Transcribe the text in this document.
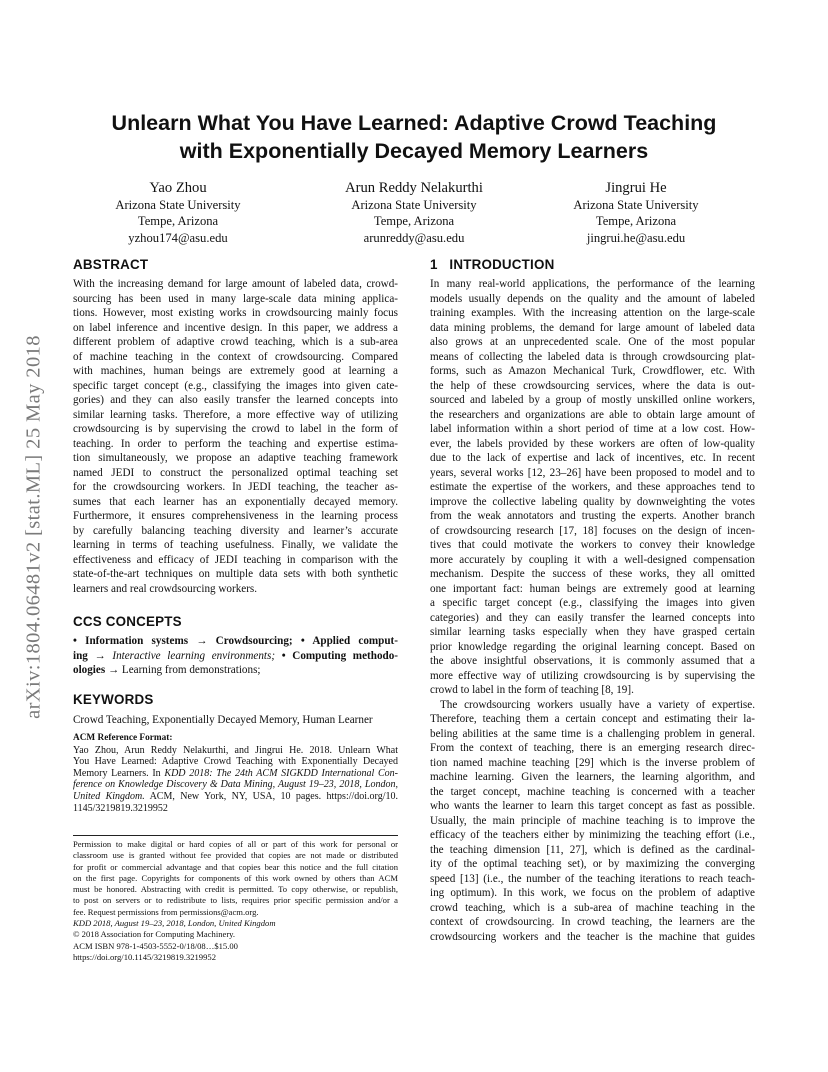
arXiv:1804.06481v2 [stat.ML] 25 May 2018
Unlearn What You Have Learned: Adaptive Crowd Teaching
with Exponentially Decayed Memory Learners
Yao Zhou
Arizona State University
Tempe, Arizona
yzhou174@asu.edu
Arun Reddy Nelakurthi
Arizona State University
Tempe, Arizona
arunreddy@asu.edu
Jingrui He
Arizona State University
Tempe, Arizona
jingrui.he@asu.edu
ABSTRACT
With the increasing demand for large amount of labeled data, crowd-
sourcing has been used in many large-scale data mining applica-
tions. However, most existing works in crowdsourcing mainly focus
on label inference and incentive design. In this paper, we address a
different problem of adaptive crowd teaching, which is a sub-area
of machine teaching in the context of crowdsourcing. Compared
with machines, human beings are extremely good at learning a
specific target concept (e.g., classifying the images into given cate-
gories) and they can also easily transfer the learned concepts into
similar learning tasks. Therefore, a more effective way of utilizing
crowdsourcing is by supervising the crowd to label in the form of
teaching. In order to perform the teaching and expertise estima-
tion simultaneously, we propose an adaptive teaching framework
named JEDI to construct the personalized optimal teaching set
for the crowdsourcing workers. In JEDI teaching, the teacher as-
sumes that each learner has an exponentially decayed memory.
Furthermore, it ensures comprehensiveness in the learning process
by carefully balancing teaching diversity and learner’s accurate
learning in terms of teaching usefulness. Finally, we validate the
effectiveness and efficacy of JEDI teaching in comparison with the
state-of-the-art techniques on multiple data sets with both synthetic
learners and real crowdsourcing workers.
CCS CONCEPTS
• Information systems → Crowdsourcing; • Applied comput-
ing → Interactive learning environments; • Computing methodo-
ologies → Learning from demonstrations;
KEYWORDS
Crowd Teaching, Exponentially Decayed Memory, Human Learner
ACM Reference Format:
Yao Zhou, Arun Reddy Nelakurthi, and Jingrui He. 2018. Unlearn What
You Have Learned: Adaptive Crowd Teaching with Exponentially Decayed
Memory Learners. In KDD 2018: The 24th ACM SIGKDD International Con-
ference on Knowledge Discovery & Data Mining, August 19–23, 2018, London,
United Kingdom. ACM, New York, NY, USA, 10 pages. https://doi.org/10.
1145/3219819.3219952
Permission to make digital or hard copies of all or part of this work for personal or
classroom use is granted without fee provided that copies are not made or distributed
for profit or commercial advantage and that copies bear this notice and the full citation
on the first page. Copyrights for components of this work owned by others than ACM
must be honored. Abstracting with credit is permitted. To copy otherwise, or republish,
to post on servers or to redistribute to lists, requires prior specific permission and/or a
fee. Request permissions from permissions@acm.org.
KDD 2018, August 19–23, 2018, London, United Kingdom
© 2018 Association for Computing Machinery.
ACM ISBN 978-1-4503-5552-0/18/08…$15.00
https://doi.org/10.1145/3219819.3219952
1   INTRODUCTION
In many real-world applications, the performance of the learning
models usually depends on the quality and the amount of labeled
training examples. With the increasing attention on the large-scale
data mining problems, the demand for large amount of labeled data
also grows at an unprecedented scale. One of the most popular
means of collecting the labeled data is through crowdsourcing plat-
forms, such as Amazon Mechanical Turk, Crowdflower, etc. With
the help of these crowdsourcing services, where the data is out-
sourced and labeled by a group of mostly unskilled online workers,
the researchers and organizations are able to obtain large amount of
label information within a short period of time at a low cost. How-
ever, the labels provided by these workers are often of low-quality
due to the lack of expertise and lack of incentives, etc. In recent
years, several works [12, 23–26] have been proposed to model and to
estimate the expertise of the workers, and these approaches tend to
improve the collective labeling quality by downweighting the votes
from the weak annotators and trusting the experts. Another branch
of crowdsourcing research [17, 18] focuses on the design of incen-
tives that could motivate the workers to convey their knowledge
more accurately by coupling it with a well-designed compensation
mechanism. Despite the success of these works, they all omitted
one important fact: human beings are extremely good at learning
a specific target concept (e.g., classifying the images into given
categories) and they can easily transfer the learned concepts into
similar learning tasks especially when they have grasped certain
prior knowledge regarding the original learning concept. Based on
the above insightful observations, it is commonly assumed that a
more effective way of utilizing crowdsourcing is by supervising the
crowd to label in the form of teaching [8, 19].
The crowdsourcing workers usually have a variety of expertise.
Therefore, teaching them a certain concept and estimating their la-
beling abilities at the same time is a challenging problem in general.
From the context of teaching, there is an emerging research direc-
tion named machine teaching [29] which is the inverse problem of
machine learning. Given the learners, the learning algorithm, and
the target concept, machine teaching is concerned with a teacher
who wants the learner to learn this target concept as fast as possible.
Usually, the main principle of machine teaching is to improve the
efficacy of the teachers either by minimizing the teaching effort (i.e.,
the teaching dimension [11, 27], which is defined as the cardinal-
ity of the optimal teaching set), or by maximizing the converging
speed [13] (i.e., the number of the teaching iterations to reach teach-
ing optimum). In this work, we focus on the problem of adaptive
crowd teaching, which is a sub-area of machine teaching in the
context of crowdsourcing. In crowd teaching, the learners are the
crowdsourcing workers and the teacher is the machine that guides
